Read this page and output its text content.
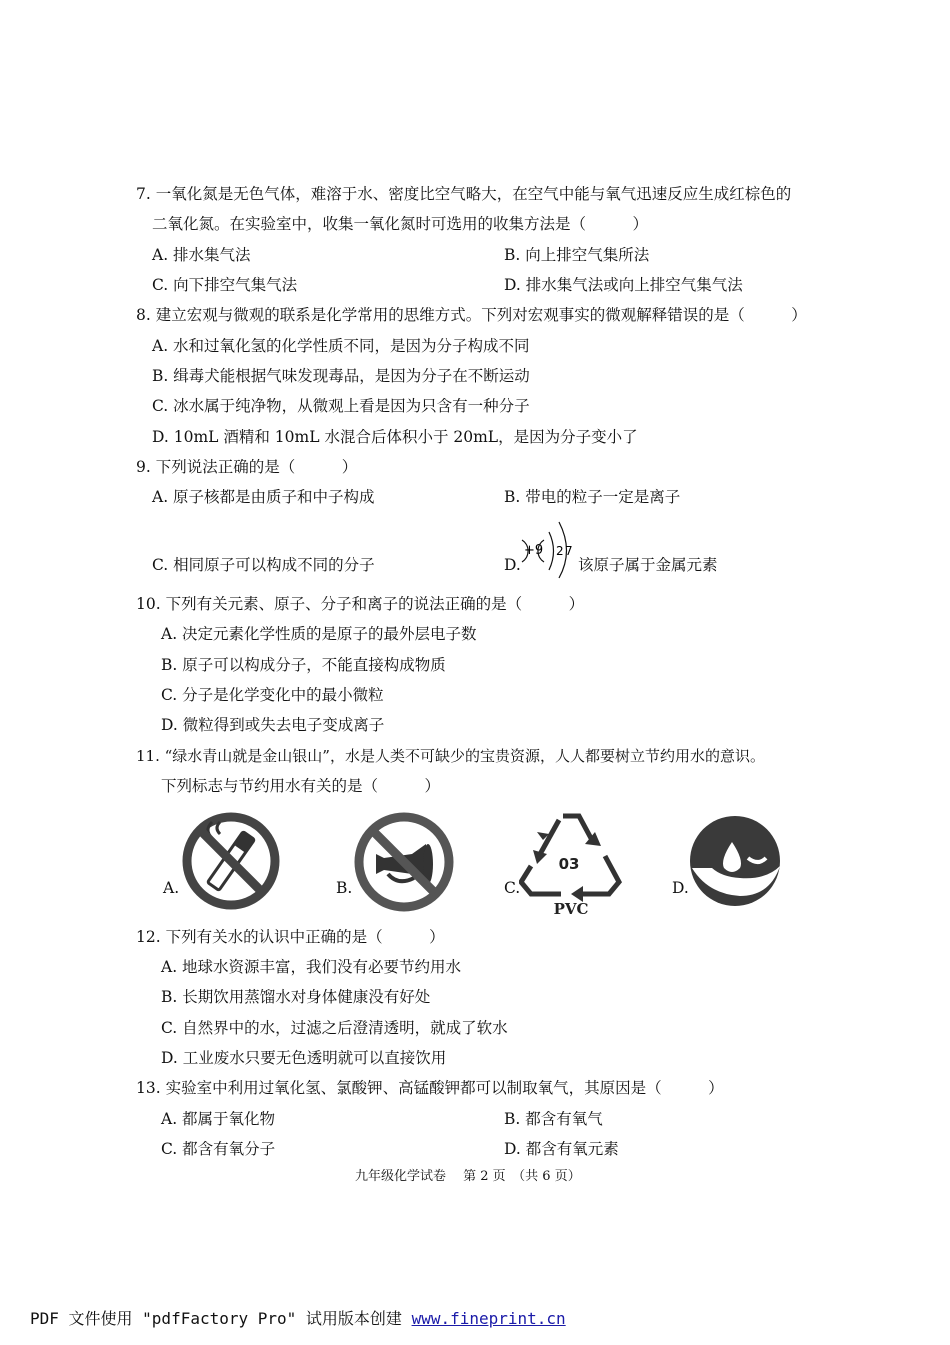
7. 一氧化氮是无色气体，难溶于水、密度比空气略大，在空气中能与氧气迅速反应生成红棕色的
二氧化氮。在实验室中，收集一氧化氮时可选用的收集方法是（　　　）
A. 排水集气法	B. 向上排空气集所法
C. 向下排空气集气法	D. 排水集气法或向上排空气集气法
8. 建立宏观与微观的联系是化学常用的思维方式。下列对宏观事实的微观解释错误的是（　　　）
A. 水和过氧化氢的化学性质不同，是因为分子构成不同
B. 缉毒犬能根据气味发现毒品，是因为分子在不断运动
C. 冰水属于纯净物，从微观上看是因为只含有一种分子
D. 10mL 酒精和 10mL 水混合后体积小于 20mL，是因为分子变小了
9. 下列说法正确的是（　　　）
A. 原子核都是由质子和中子构成	B. 带电的粒子一定是离子
C. 相同原子可以构成不同的分子	D.
+9 2 7
该原子属于金属元素
10. 下列有关元素、原子、分子和离子的说法正确的是（　　　）
A. 决定元素化学性质的是原子的最外层电子数
B. 原子可以构成分子，不能直接构成物质
C. 分子是化学变化中的最小微粒
D. 微粒得到或失去电子变成离子
11. “绿水青山就是金山银山”，水是人类不可缺少的宝贵资源，人人都要树立节约用水的意识。
下列标志与节约用水有关的是（　　　）
A.	B.	C.
03
PVC
D.
12. 下列有关水的认识中正确的是（　　　）
A. 地球水资源丰富，我们没有必要节约用水
B. 长期饮用蒸馏水对身体健康没有好处
C. 自然界中的水，过滤之后澄清透明，就成了软水
D. 工业废水只要无色透明就可以直接饮用
13. 实验室中利用过氧化氢、氯酸钾、高锰酸钾都可以制取氧气，其原因是（　　　）
A. 都属于氧化物	B. 都含有氧气
C. 都含有氧分子	D. 都含有氧元素
九年级化学试卷　 第 2 页　（共 6 页）
PDF 文件使用 "pdfFactory Pro" 试用版本创建 www.fineprint.cn
